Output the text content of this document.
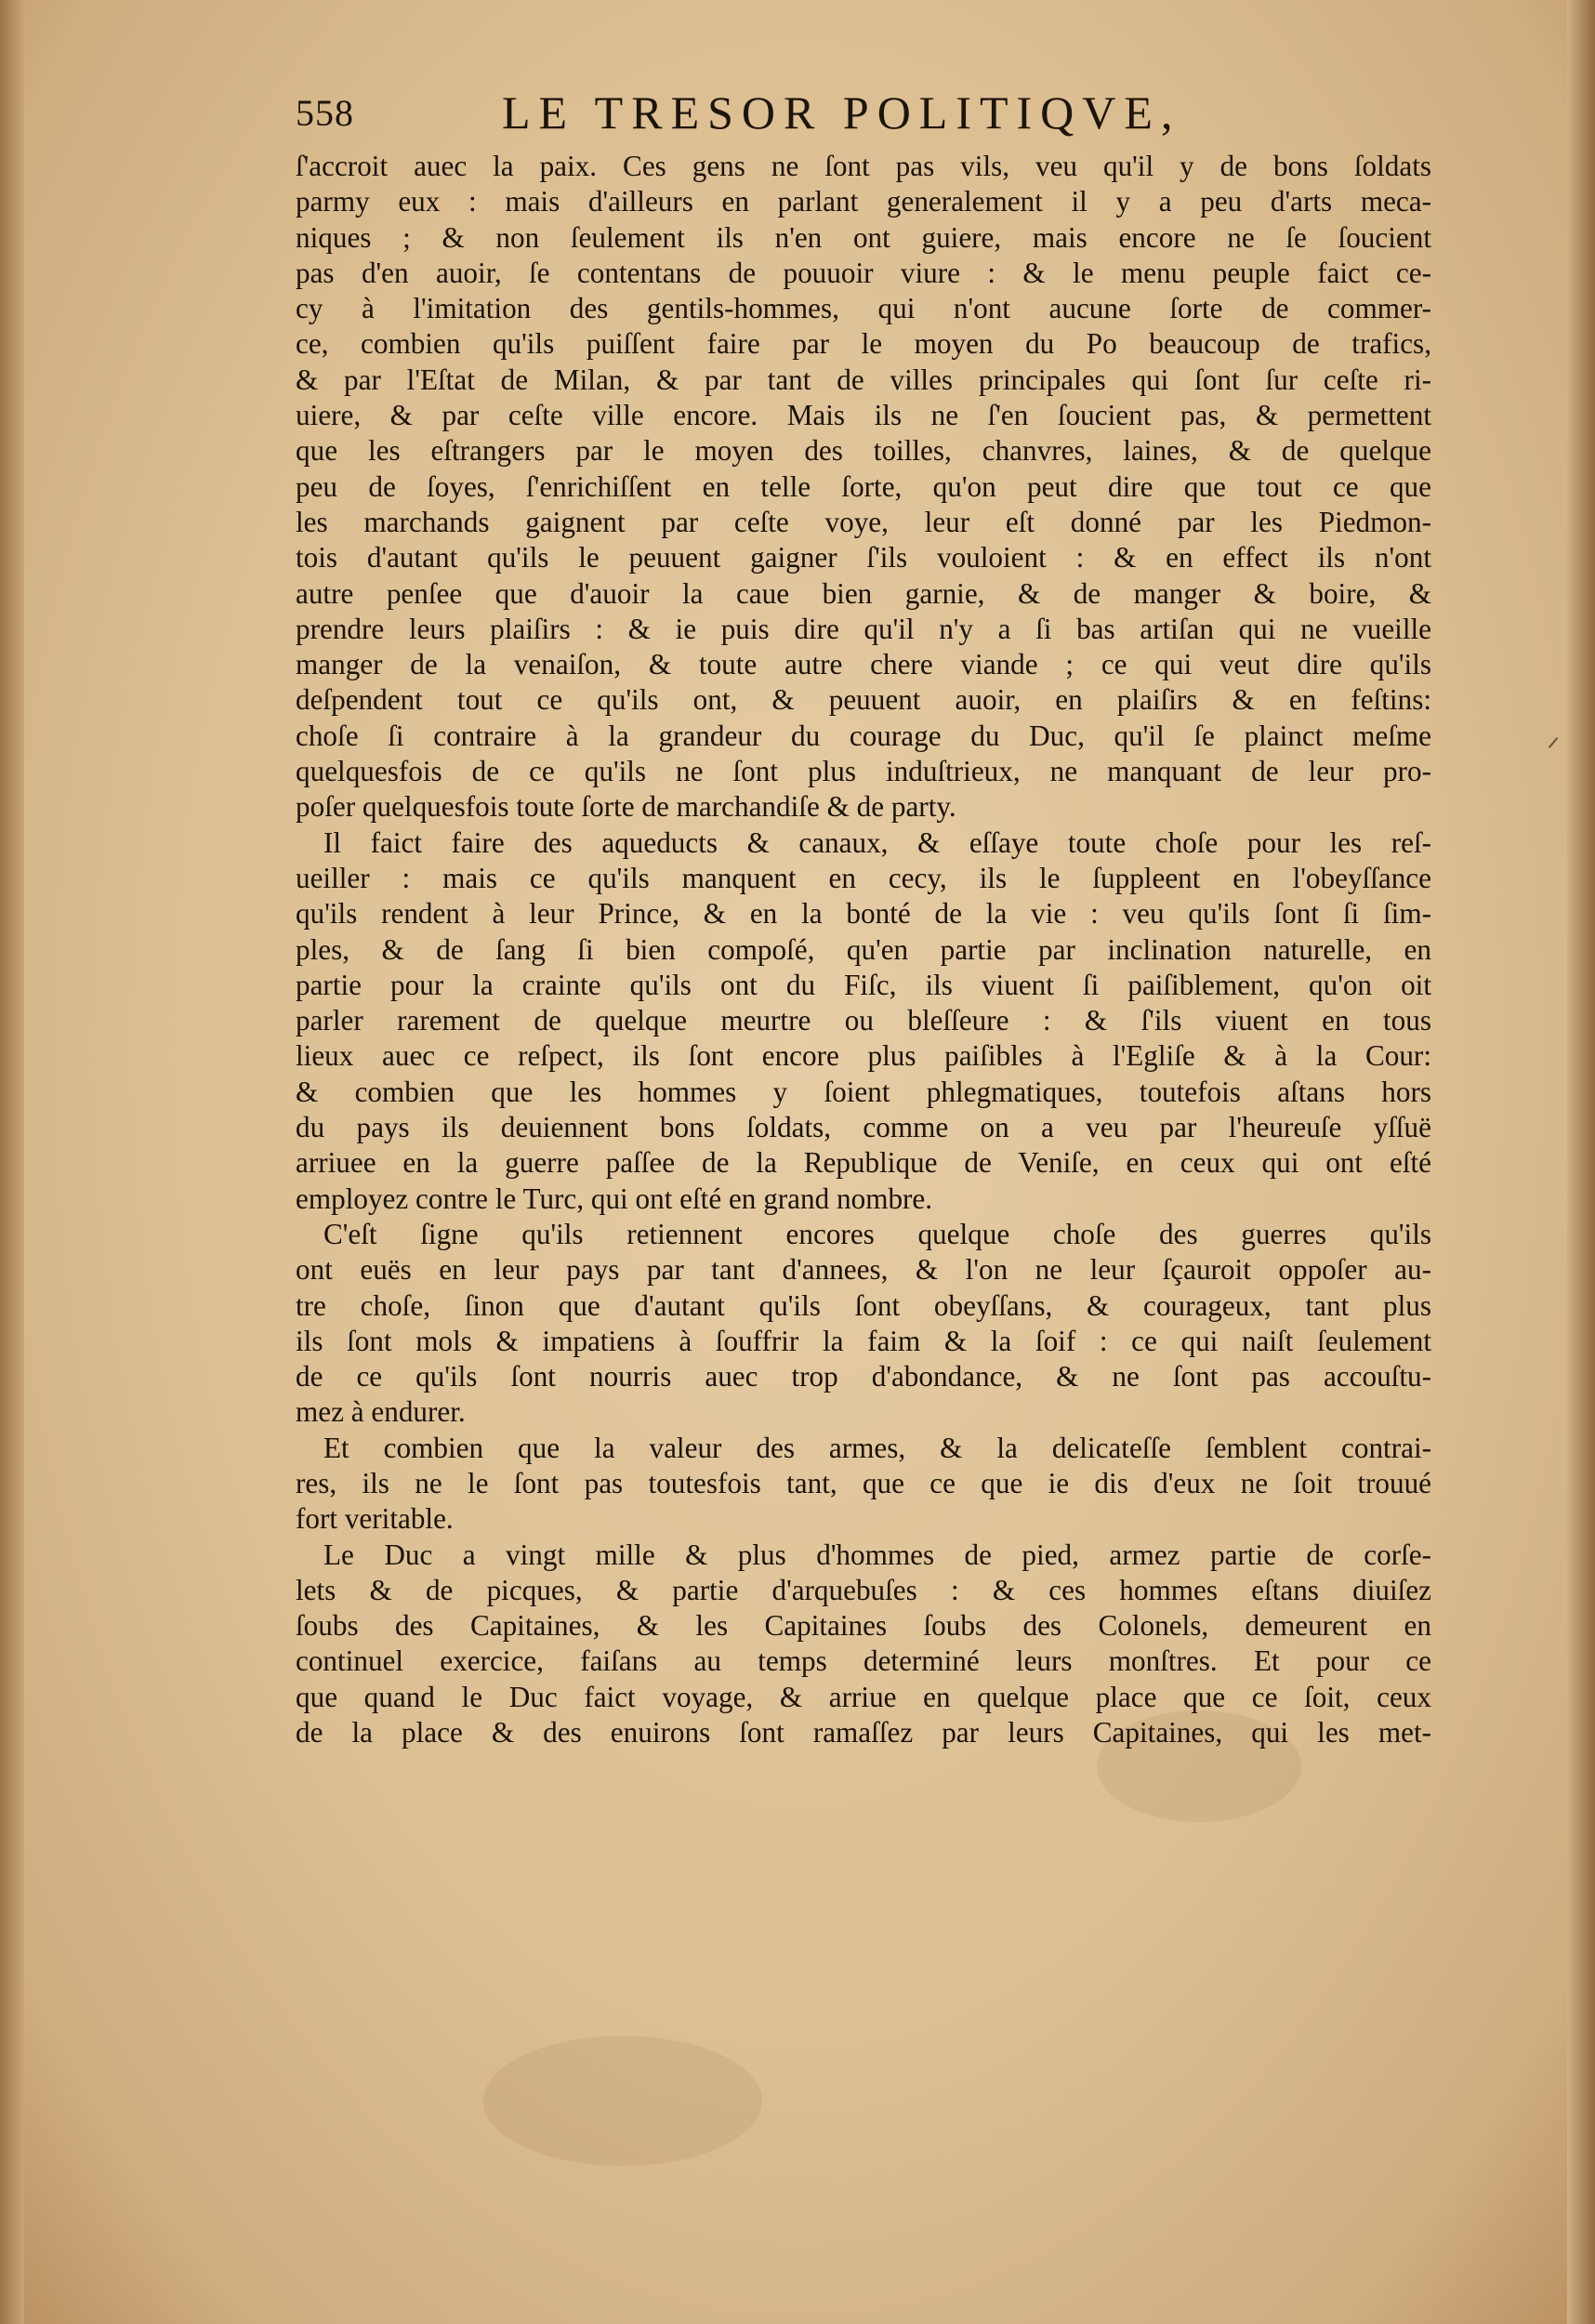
558	LE TRESOR POLITIQVE,
ſ'accroit auec la paix. Ces gens ne ſont pas vils, veu qu'il y de bons ſoldats
parmy eux : mais d'ailleurs en parlant generalement il y a peu d'arts meca-
niques ; & non ſeulement ils n'en ont guiere, mais encore ne ſe ſoucient
pas d'en auoir, ſe contentans de pouuoir viure : & le menu peuple faict ce-
cy à l'imitation des gentils-hommes, qui n'ont aucune ſorte de commer-
ce, combien qu'ils puiſſent faire par le moyen du Po beaucoup de trafics,
& par l'Eſtat de Milan, & par tant de villes principales qui ſont ſur ceſte ri-
uiere, & par ceſte ville encore. Mais ils ne ſ'en ſoucient pas, & permettent
que les eſtrangers par le moyen des toilles, chanvres, laines, & de quelque
peu de ſoyes, ſ'enrichiſſent en telle ſorte, qu'on peut dire que tout ce que
les marchands gaignent par ceſte voye, leur eſt donné par les Piedmon-
tois d'autant qu'ils le peuuent gaigner ſ'ils vouloient : & en effect ils n'ont
autre penſee que d'auoir la caue bien garnie, & de manger & boire, &
prendre leurs plaiſirs : & ie puis dire qu'il n'y a ſi bas artiſan qui ne vueille
manger de la venaiſon, & toute autre chere viande ; ce qui veut dire qu'ils
deſpendent tout ce qu'ils ont, & peuuent auoir, en plaiſirs & en feſtins:
choſe ſi contraire à la grandeur du courage du Duc, qu'il ſe plainct meſme
quelquesfois de ce qu'ils ne ſont plus induſtrieux, ne manquant de leur pro-
poſer quelquesfois toute ſorte de marchandiſe & de party.
Il faict faire des aqueducts & canaux, & eſſaye toute choſe pour les reſ-
ueiller : mais ce qu'ils manquent en cecy, ils le ſuppleent en l'obeyſſance
qu'ils rendent à leur Prince, & en la bonté de la vie : veu qu'ils ſont ſi ſim-
ples, & de ſang ſi bien compoſé, qu'en partie par inclination naturelle, en
partie pour la crainte qu'ils ont du Fiſc, ils viuent ſi paiſiblement, qu'on oit
parler rarement de quelque meurtre ou bleſſeure : & ſ'ils viuent en tous
lieux auec ce reſpect, ils ſont encore plus paiſibles à l'Egliſe & à la Cour:
& combien que les hommes y ſoient phlegmatiques, toutefois aſtans hors
du pays ils deuiennent bons ſoldats, comme on a veu par l'heureuſe yſſuë
arriuee en la guerre paſſee de la Republique de Veniſe, en ceux qui ont eſté
employez contre le Turc, qui ont eſté en grand nombre.
C'eſt ſigne qu'ils retiennent encores quelque choſe des guerres qu'ils
ont euës en leur pays par tant d'annees, & l'on ne leur ſçauroit oppoſer au-
tre choſe, ſinon que d'autant qu'ils ſont obeyſſans, & courageux, tant plus
ils ſont mols & impatiens à ſouffrir la faim & la ſoif : ce qui naiſt ſeulement
de ce qu'ils ſont nourris auec trop d'abondance, & ne ſont pas accouſtu-
mez à endurer.
Et combien que la valeur des armes, & la delicateſſe ſemblent contrai-
res, ils ne le ſont pas toutesfois tant, que ce que ie dis d'eux ne ſoit trouué
fort veritable.
Le Duc a vingt mille & plus d'hommes de pied, armez partie de corſe-
lets & de picques, & partie d'arquebuſes : & ces hommes eſtans diuiſez
ſoubs des Capitaines, & les Capitaines ſoubs des Colonels, demeurent en
continuel exercice, faiſans au temps determiné leurs monſtres. Et pour ce
que quand le Duc faict voyage, & arriue en quelque place que ce ſoit, ceux
de la place & des enuirons ſont ramaſſez par leurs Capitaines, qui les met-
